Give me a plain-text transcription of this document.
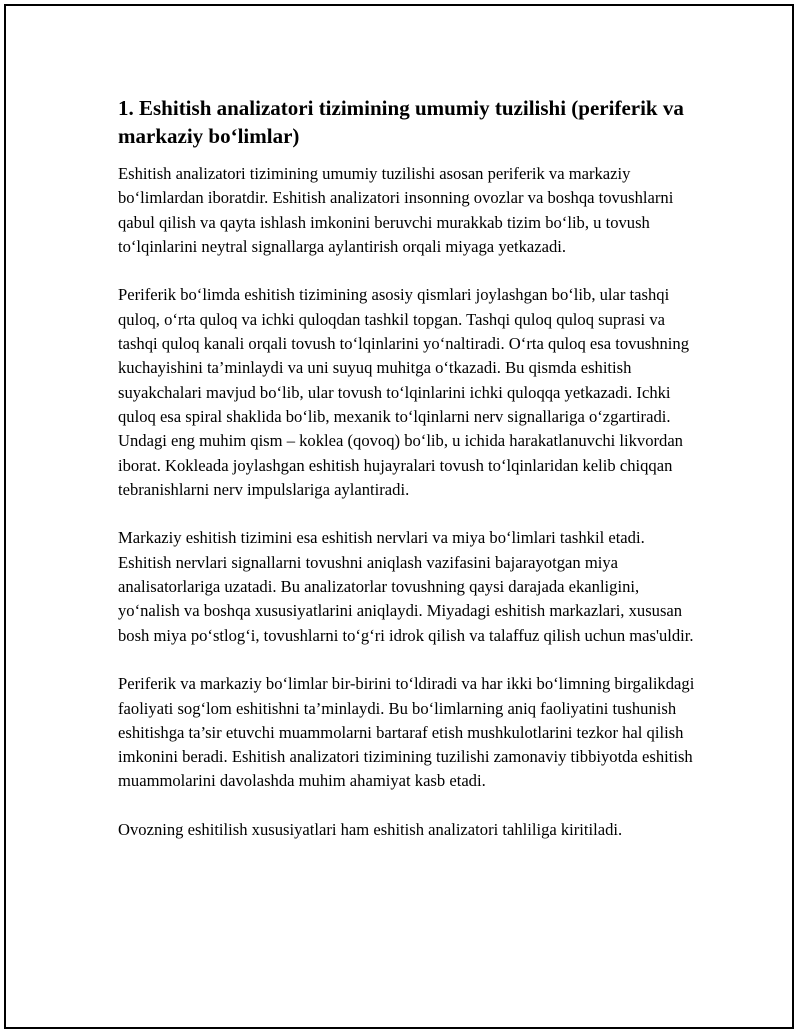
1. Eshitish analizatori tizimining umumiy tuzilishi (periferik va markaziy bo‘limlar)

Eshitish analizatori tizimining umumiy tuzilishi asosan periferik va markaziy bo‘limlardan iboratdir. Eshitish analizatori insonning ovozlar va boshqa tovushlarni qabul qilish va qayta ishlash imkonini beruvchi murakkab tizim bo‘lib, u tovush to‘lqinlarini neytral signallarga aylantirish orqali miyaga yetkazadi.

Periferik bo‘limda eshitish tizimining asosiy qismlari joylashgan bo‘lib, ular tashqi quloq, o‘rta quloq va ichki quloqdan tashkil topgan. Tashqi quloq quloq suprasi va tashqi quloq kanali orqali tovush to‘lqinlarini yo‘naltiradi. O‘rta quloq esa tovushning kuchayishini ta’minlaydi va uni suyuq muhitga o‘tkazadi. Bu qismda eshitish suyakchalari mavjud bo‘lib, ular tovush to‘lqinlarini ichki quloqqa yetkazadi. Ichki quloq esa spiral shaklida bo‘lib, mexanik to‘lqinlarni nerv signallariga o‘zgartiradi. Undagi eng muhim qism – koklea (qovoq) bo‘lib, u ichida harakatlanuvchi likvordan iborat. Kokleada joylashgan eshitish hujayralari tovush to‘lqinlaridan kelib chiqqan tebranishlarni nerv impulslariga aylantiradi.

Markaziy eshitish tizimini esa eshitish nervlari va miya bo‘limlari tashkil etadi. Eshitish nervlari signallarni tovushni aniqlash vazifasini bajarayotgan miya analisatorlariga uzatadi. Bu analizatorlar tovushning qaysi darajada ekanligini, yo‘nalish va boshqa xususiyatlarini aniqlaydi. Miyadagi eshitish markazlari, xususan bosh miya po‘stlog‘i, tovushlarni to‘g‘ri idrok qilish va talaffuz qilish uchun mas'uldir.

Periferik va markaziy bo‘limlar bir-birini to‘ldiradi va har ikki bo‘limning birgalikdagi faoliyati sog‘lom eshitishni ta’minlaydi. Bu bo‘limlarning aniq faoliyatini tushunish eshitishga ta’sir etuvchi muammolarni bartaraf etish mushkulotlarini tezkor hal qilish imkonini beradi. Eshitish analizatori tizimining tuzilishi zamonaviy tibbiyotda eshitish muammolarini davolashda muhim ahamiyat kasb etadi.

Ovozning eshitilish xususiyatlari ham eshitish analizatori tahliliga kiritiladi.
